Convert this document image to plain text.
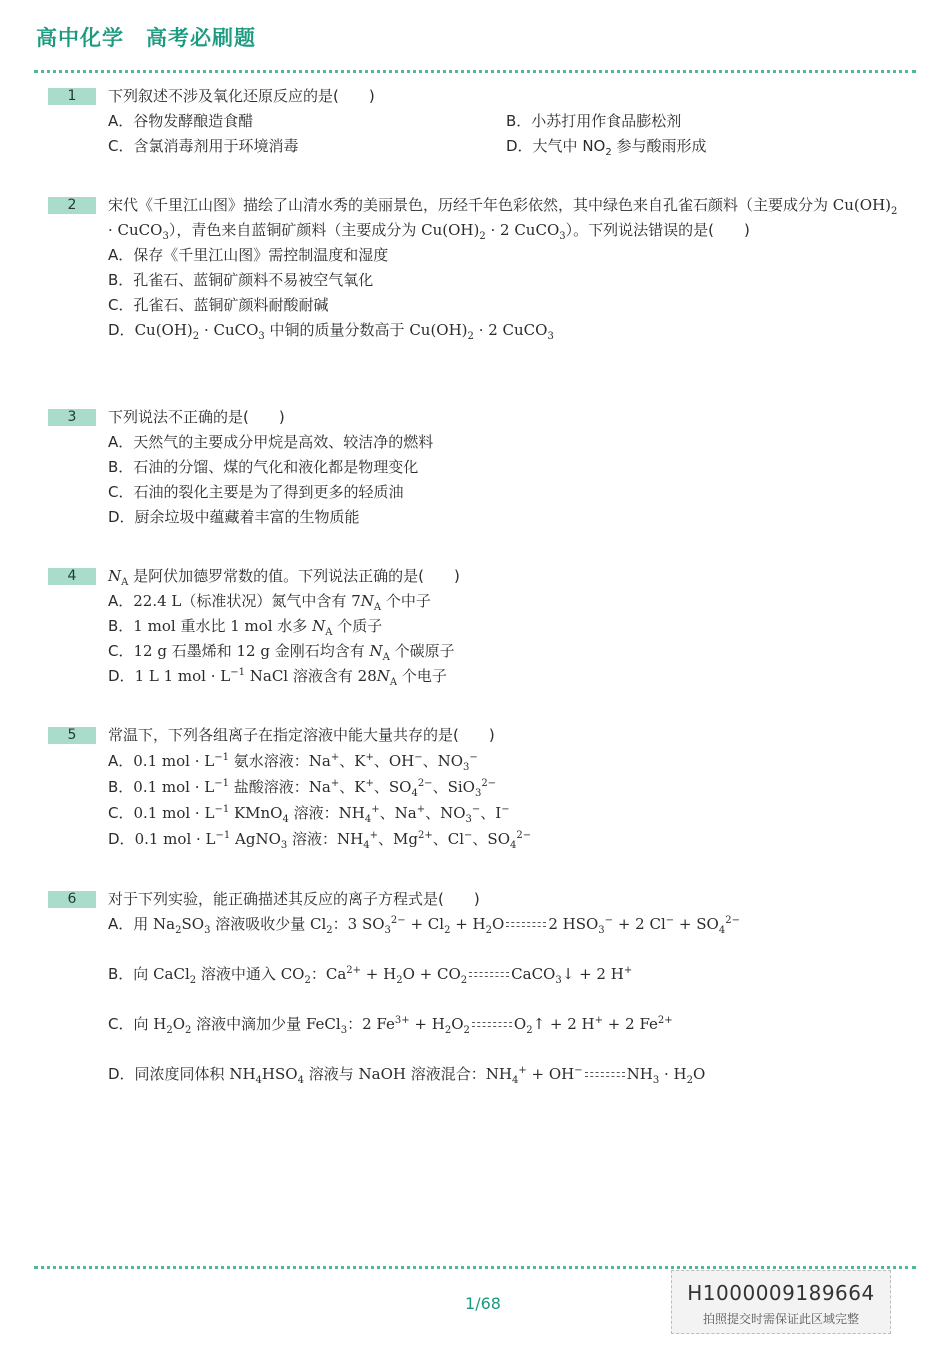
高中化学　高考必刷题
1	下列叙述不涉及氧化还原反应的是(　　)
A．谷物发酵酿造食醋	B．小苏打用作食品膨松剂
C．含氯消毒剂用于环境消毒	D．大气中 $NO_2$ 参与酸雨形成
2	宋代《千里江山图》描绘了山清水秀的美丽景色，历经千年色彩依然，其中绿色来自孔雀石颜料（主要成分为 $Cu(OH)_2$ · CuCO$_3$），青色来自蓝铜矿颜料（主要成分为 $Cu(OH)_2 \cdot 2$ CuCO$_3$）。下列说法错误的是(　　)
A．保存《千里江山图》需控制温度和湿度
B．孔雀石、蓝铜矿颜料不易被空气氧化
C．孔雀石、蓝铜矿颜料耐酸耐碱
D．$Cu(OH)_2$ · CuCO$_3$ 中铜的质量分数高于 $Cu(OH)_2 \cdot 2$ CuCO$_3$
3	下列说法不正确的是(　　)
A．天然气的主要成分甲烷是高效、较洁净的燃料
B．石油的分馏、煤的气化和液化都是物理变化
C．石油的裂化主要是为了得到更多的轻质油
D．厨余垃圾中蕴藏着丰富的生物质能
4	$N_A$ 是阿伏加德罗常数的值。下列说法正确的是(　　)
A．22.4 L（标准状况）氮气中含有 $7N_A$ 个中子
B．1 mol 重水比 1 mol 水多 $N_A$ 个质子
C．12 g 石墨烯和 12 g 金刚石均含有 $N_A$ 个碳原子
D．1 L 1 mol · $L^{-1}$ NaCl 溶液含有 $28N_A$ 个电子
5	常温下，下列各组离子在指定溶液中能大量共存的是(　　)
A．0.1 mol · $L^{-1}$ 氨水溶液：Na+、K+、OH−、$NO_3^-$
B．0.1 mol · $L^{-1}$ 盐酸溶液：Na+、K+、$SO_4^{2-}$、SiO$_3^{2-}$
C．0.1 mol · $L^{-1}$ KMnO$_4$ 溶液：$NH_4^+$、Na+、$NO_3^-$、I−
D．0.1 mol · $L^{-1}$ AgNO$_3$ 溶液：$NH_4^+$、$Mg^{2+}$、Cl−、$SO_4^{2-}$
6	对于下列实验，能正确描述其反应的离子方程式是(　　)
A．用 $Na_2SO_3$ 溶液吸收少量 $Cl_2$：3 $SO_3^{2-} + Cl_2 + H_2O$	2 $HSO_3^- + 2$ $Cl^- + SO_4^{2-}$
B．向 CaCl$_2$ 溶液中通入 $CO_2$：$Ca^{2+} + H_2O + CO_2$	CaCO$_3$↓ + 2 H+
C．向 $H_2O_2$ 溶液中滴加少量 FeCl$_3$：2 $Fe^{3+} + H_2O_2$	$O_2↑ + 2$ H+ + 2 $Fe^{2+}$
D．同浓度同体积 $NH_4HSO_4$ 溶液与 NaOH 溶液混合：$NH_4^+ + OH^-$	$NH_3 \cdot H_2O$
1/68	H1000009189664
拍照提交时需保证此区域完整
